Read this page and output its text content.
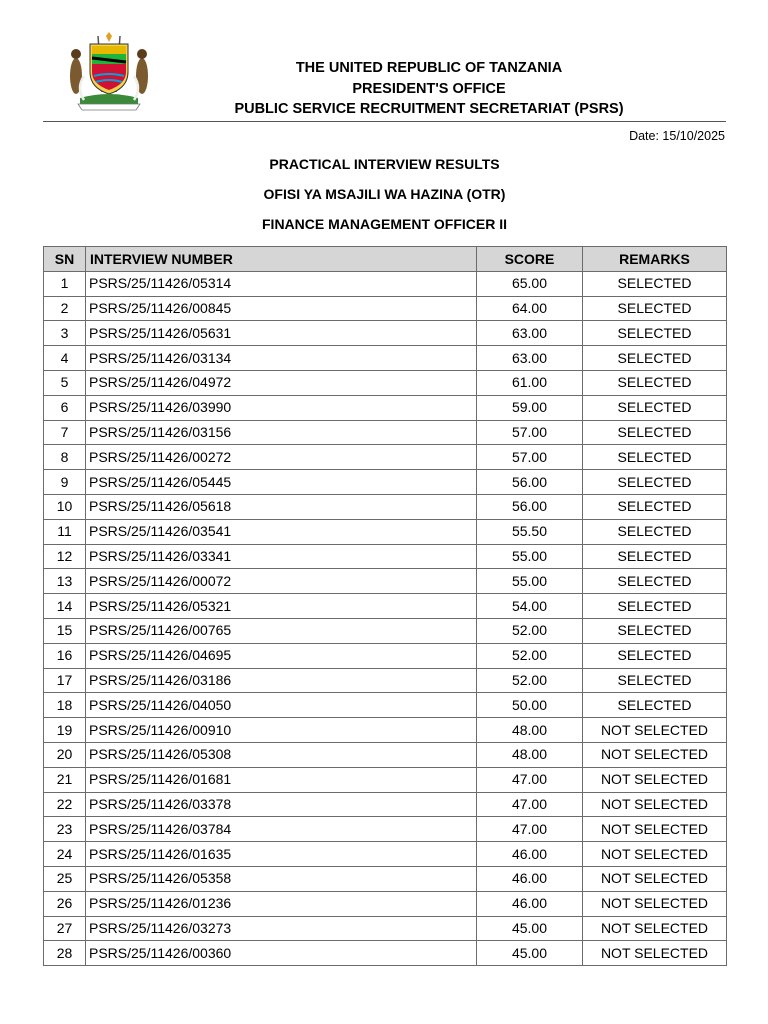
THE UNITED REPUBLIC OF TANZANIA
PRESIDENT'S OFFICE
PUBLIC SERVICE RECRUITMENT SECRETARIAT (PSRS)
Date: 15/10/2025
PRACTICAL INTERVIEW RESULTS
OFISI YA MSAJILI WA HAZINA (OTR)
FINANCE MANAGEMENT OFFICER II
SN	INTERVIEW NUMBER	SCORE	REMARKS
1	PSRS/25/11426/05314	65.00	SELECTED
2	PSRS/25/11426/00845	64.00	SELECTED
3	PSRS/25/11426/05631	63.00	SELECTED
4	PSRS/25/11426/03134	63.00	SELECTED
5	PSRS/25/11426/04972	61.00	SELECTED
6	PSRS/25/11426/03990	59.00	SELECTED
7	PSRS/25/11426/03156	57.00	SELECTED
8	PSRS/25/11426/00272	57.00	SELECTED
9	PSRS/25/11426/05445	56.00	SELECTED
10	PSRS/25/11426/05618	56.00	SELECTED
11	PSRS/25/11426/03541	55.50	SELECTED
12	PSRS/25/11426/03341	55.00	SELECTED
13	PSRS/25/11426/00072	55.00	SELECTED
14	PSRS/25/11426/05321	54.00	SELECTED
15	PSRS/25/11426/00765	52.00	SELECTED
16	PSRS/25/11426/04695	52.00	SELECTED
17	PSRS/25/11426/03186	52.00	SELECTED
18	PSRS/25/11426/04050	50.00	SELECTED
19	PSRS/25/11426/00910	48.00	NOT SELECTED
20	PSRS/25/11426/05308	48.00	NOT SELECTED
21	PSRS/25/11426/01681	47.00	NOT SELECTED
22	PSRS/25/11426/03378	47.00	NOT SELECTED
23	PSRS/25/11426/03784	47.00	NOT SELECTED
24	PSRS/25/11426/01635	46.00	NOT SELECTED
25	PSRS/25/11426/05358	46.00	NOT SELECTED
26	PSRS/25/11426/01236	46.00	NOT SELECTED
27	PSRS/25/11426/03273	45.00	NOT SELECTED
28	PSRS/25/11426/00360	45.00	NOT SELECTED
